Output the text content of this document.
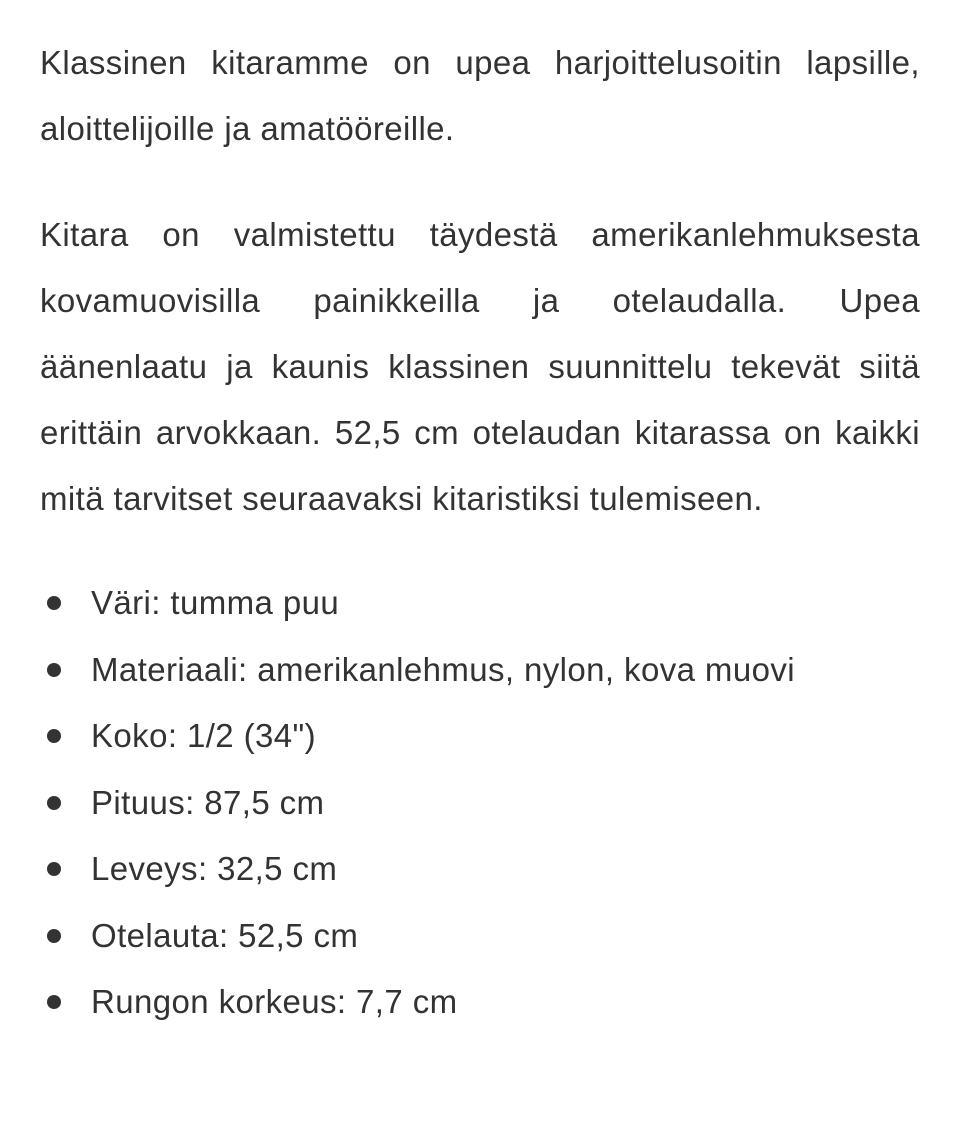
Klassinen kitaramme on upea harjoittelusoitin lapsille, aloittelijoille ja amatööreille.

Kitara on valmistettu täydestä amerikanlehmuksesta kovamuovisilla painikkeilla ja otelaudalla. Upea äänenlaatu ja kaunis klassinen suunnittelu tekevät siitä erittäin arvokkaan. 52,5 cm otelaudan kitarassa on kaikki mitä tarvitset seuraavaksi kitaristiksi tulemiseen.

Väri: tumma puu
Materiaali: amerikanlehmus, nylon, kova muovi
Koko: 1/2 (34")
Pituus: 87,5 cm
Leveys: 32,5 cm
Otelauta: 52,5 cm
Rungon korkeus: 7,7 cm
